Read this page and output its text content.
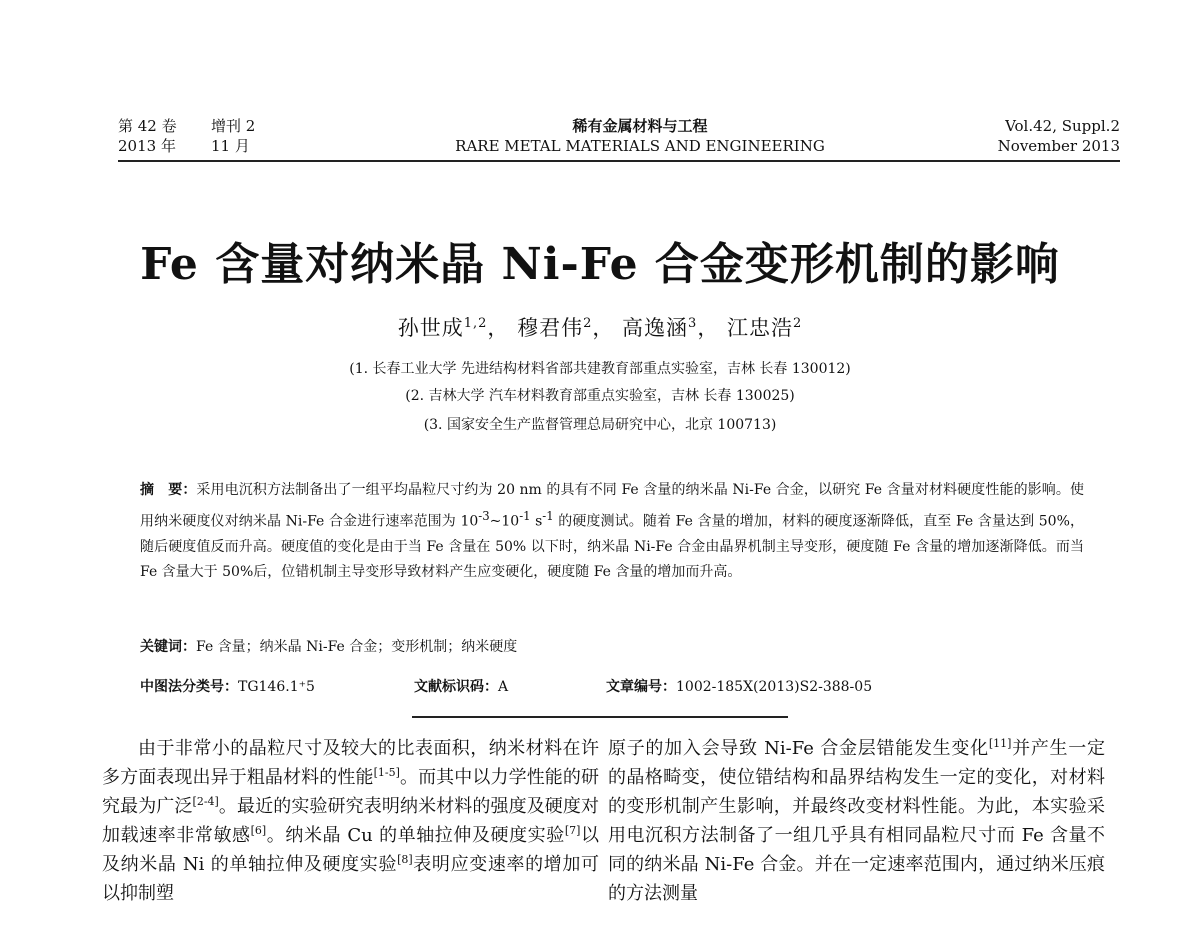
第 42 卷	增刊 2
2013 年	11 月
稀有金属材料与工程
RARE METAL MATERIALS AND ENGINEERING
Vol.42, Suppl.2
November 2013
Fe 含量对纳米晶 Ni-Fe 合金变形机制的影响
孙世成$^{1,2}$， 穆君伟$^2$， 高逸涵$^3$， 江忠浩$^2$
(1. 长春工业大学 先进结构材料省部共建教育部重点实验室，吉林 长春 130012)
(2. 吉林大学 汽车材料教育部重点实验室，吉林 长春 130025)
(3. 国家安全生产监督管理总局研究中心，北京 100713)
摘　要：采用电沉积方法制备出了一组平均晶粒尺寸约为 20 nm 的具有不同 Fe 含量的纳米晶 Ni-Fe 合金，以研究 Fe 含量对材料硬度性能的影响。使用纳米硬度仪对纳米晶 Ni-Fe 合金进行速率范围为 $10^{-3}\sim 10^{-1}$ $s^{-1}$ 的硬度测试。随着 Fe 含量的增加，材料的硬度逐渐降低，直至 Fe 含量达到 50%，随后硬度值反而升高。硬度值的变化是由于当 Fe 含量在 50% 以下时，纳米晶 Ni-Fe 合金由晶界机制主导变形，硬度随 Fe 含量的增加逐渐降低。而当 Fe 含量大于 50%后，位错机制主导变形导致材料产生应变硬化，硬度随 Fe 含量的增加而升高。
关键词：Fe 含量；纳米晶 Ni-Fe 合金；变形机制；纳米硬度
中图法分类号：TG146.1⁺5	文献标识码：A	文章编号：1002-185X(2013)S2-388-05

由于非常小的晶粒尺寸及较大的比表面积，纳米材料在许多方面表现出异于粗晶材料的性能[1-5]。而其中以力学性能的研究最为广泛[2-4]。最近的实验研究表明纳米材料的强度及硬度对加载速率非常敏感[6]。纳米晶 Cu 的单轴拉伸及硬度实验[7]以及纳米晶 Ni 的单轴拉伸及硬度实验[8]表明应变速率的增加可以抑制塑

原子的加入会导致 Ni-Fe 合金层错能发生变化[11]并产生一定的晶格畸变，使位错结构和晶界结构发生一定的变化，对材料的变形机制产生影响，并最终改变材料性能。为此，本实验采用电沉积方法制备了一组几乎具有相同晶粒尺寸而 Fe 含量不同的纳米晶 Ni-Fe 合金。并在一定速率范围内，通过纳米压痕的方法测量
